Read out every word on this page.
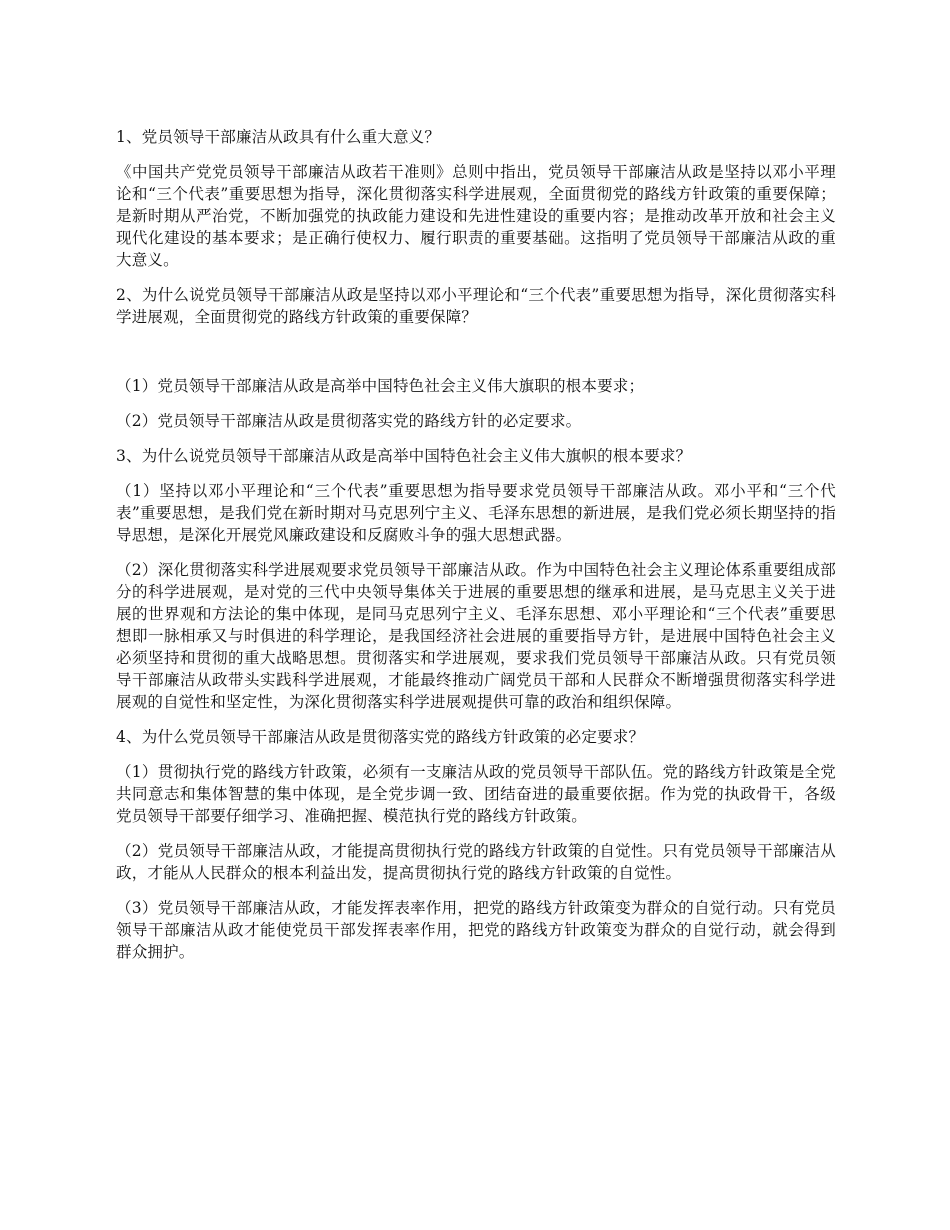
1、党员领导干部廉洁从政具有什么重大意义？

《中国共产党党员领导干部廉洁从政若干准则》总则中指出，党员领导干部廉洁从政是坚持以邓小平理论和“三个代表”重要思想为指导，深化贯彻落实科学进展观，全面贯彻党的路线方针政策的重要保障；是新时期从严治党，不断加强党的执政能力建设和先进性建设的重要内容；是推动改革开放和社会主义现代化建设的基本要求；是正确行使权力、履行职责的重要基础。这指明了党员领导干部廉洁从政的重大意义。

2、为什么说党员领导干部廉洁从政是坚持以邓小平理论和“三个代表”重要思想为指导，深化贯彻落实科学进展观，全面贯彻党的路线方针政策的重要保障？

（1）党员领导干部廉洁从政是高举中国特色社会主义伟大旗职的根本要求；

（2）党员领导干部廉洁从政是贯彻落实党的路线方针的必定要求。

3、为什么说党员领导干部廉洁从政是高举中国特色社会主义伟大旗帜的根本要求？

（1）坚持以邓小平理论和“三个代表”重要思想为指导要求党员领导干部廉洁从政。邓小平和“三个代表”重要思想，是我们党在新时期对马克思列宁主义、毛泽东思想的新进展，是我们党必须长期坚持的指导思想，是深化开展党风廉政建设和反腐败斗争的强大思想武器。

（2）深化贯彻落实科学进展观要求党员领导干部廉洁从政。作为中国特色社会主义理论体系重要组成部分的科学进展观，是对党的三代中央领导集体关于进展的重要思想的继承和进展，是马克思主义关于进展的世界观和方法论的集中体现，是同马克思列宁主义、毛泽东思想、邓小平理论和“三个代表”重要思想即一脉相承又与时俱进的科学理论，是我国经济社会进展的重要指导方针，是进展中国特色社会主义必须坚持和贯彻的重大战略思想。贯彻落实和学进展观，要求我们党员领导干部廉洁从政。只有党员领导干部廉洁从政带头实践科学进展观，才能最终推动广阔党员干部和人民群众不断增强贯彻落实科学进展观的自觉性和坚定性，为深化贯彻落实科学进展观提供可靠的政治和组织保障。

4、为什么党员领导干部廉洁从政是贯彻落实党的路线方针政策的必定要求？

（1）贯彻执行党的路线方针政策，必须有一支廉洁从政的党员领导干部队伍。党的路线方针政策是全党共同意志和集体智慧的集中体现，是全党步调一致、团结奋进的最重要依据。作为党的执政骨干，各级党员领导干部要仔细学习、准确把握、模范执行党的路线方针政策。

（2）党员领导干部廉洁从政，才能提高贯彻执行党的路线方针政策的自觉性。只有党员领导干部廉洁从政，才能从人民群众的根本利益出发，提高贯彻执行党的路线方针政策的自觉性。

（3）党员领导干部廉洁从政，才能发挥表率作用，把党的路线方针政策变为群众的自觉行动。只有党员领导干部廉洁从政才能使党员干部发挥表率作用，把党的路线方针政策变为群众的自觉行动，就会得到群众拥护。
